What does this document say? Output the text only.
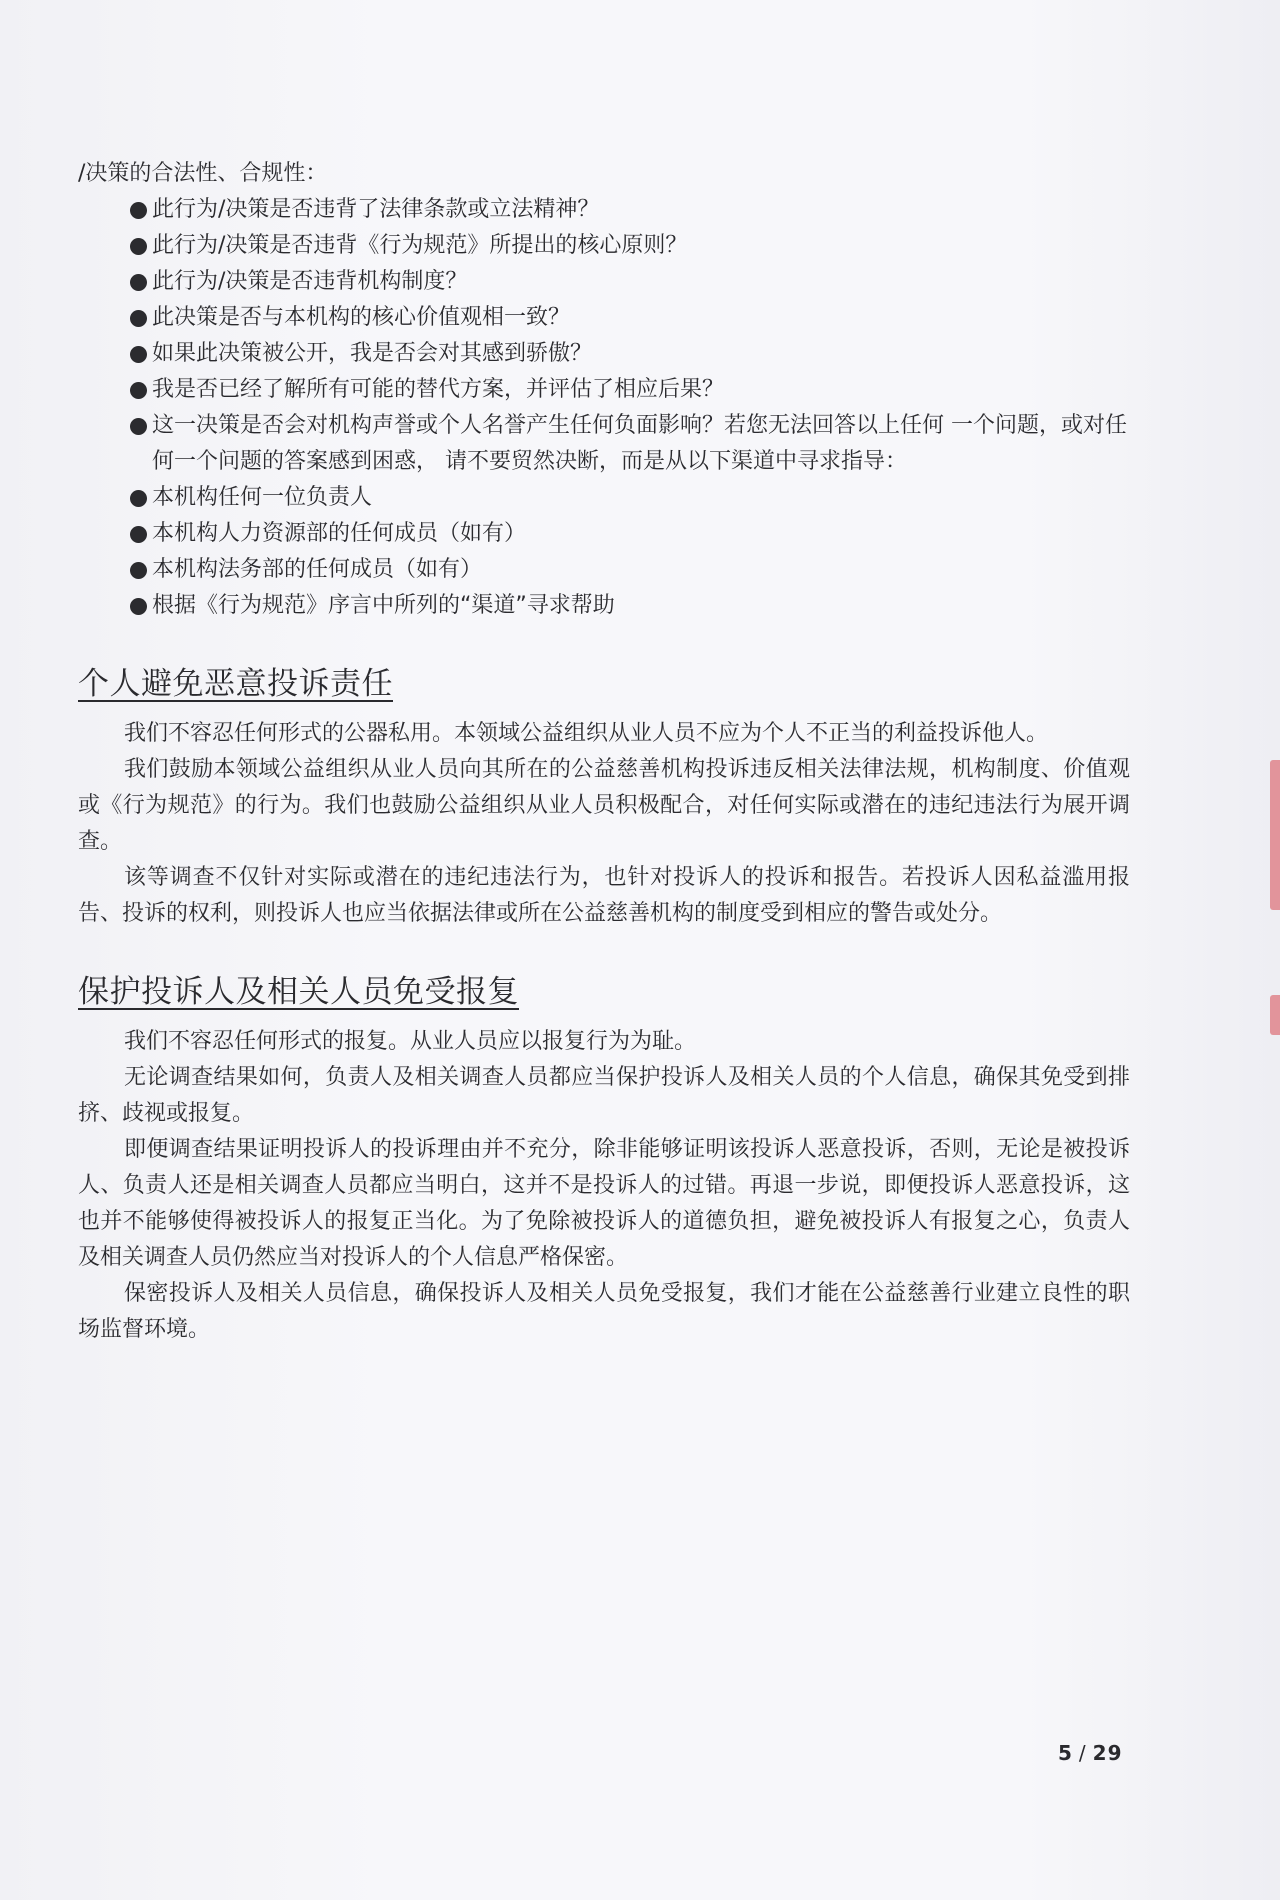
/决策的合法性、合规性：

此行为/决策是否违背了法律条款或立法精神？
此行为/决策是否违背《行为规范》所提出的核心原则？
此行为/决策是否违背机构制度？
此决策是否与本机构的核心价值观相一致？
如果此决策被公开，我是否会对其感到骄傲？
我是否已经了解所有可能的替代方案，并评估了相应后果？
这一决策是否会对机构声誉或个人名誉产生任何负面影响？若您无法回答以上任何 一个问题，或对任何一个问题的答案感到困惑， 请不要贸然决断，而是从以下渠道中寻求指导：
本机构任何一位负责人
本机构人力资源部的任何成员（如有）
本机构法务部的任何成员（如有）
根据《行为规范》序言中所列的“渠道”寻求帮助
个人避免恶意投诉责任

我们不容忍任何形式的公器私用。本领域公益组织从业人员不应为个人不正当的利益投诉他人。

我们鼓励本领域公益组织从业人员向其所在的公益慈善机构投诉违反相关法律法规，机构制度、价值观或《行为规范》的行为。我们也鼓励公益组织从业人员积极配合，对任何实际或潜在的违纪违法行为展开调查。

该等调查不仅针对实际或潜在的违纪违法行为，也针对投诉人的投诉和报告。若投诉人因私益滥用报告、投诉的权利，则投诉人也应当依据法律或所在公益慈善机构的制度受到相应的警告或处分。

保护投诉人及相关人员免受报复

我们不容忍任何形式的报复。从业人员应以报复行为为耻。

无论调查结果如何，负责人及相关调查人员都应当保护投诉人及相关人员的个人信息，确保其免受到排挤、歧视或报复。

即便调查结果证明投诉人的投诉理由并不充分，除非能够证明该投诉人恶意投诉，否则，无论是被投诉人、负责人还是相关调查人员都应当明白，这并不是投诉人的过错。再退一步说，即便投诉人恶意投诉，这也并不能够使得被投诉人的报复正当化。为了免除被投诉人的道德负担，避免被投诉人有报复之心，负责人及相关调查人员仍然应当对投诉人的个人信息严格保密。

保密投诉人及相关人员信息，确保投诉人及相关人员免受报复，我们才能在公益慈善行业建立良性的职场监督环境。

5 / 29
